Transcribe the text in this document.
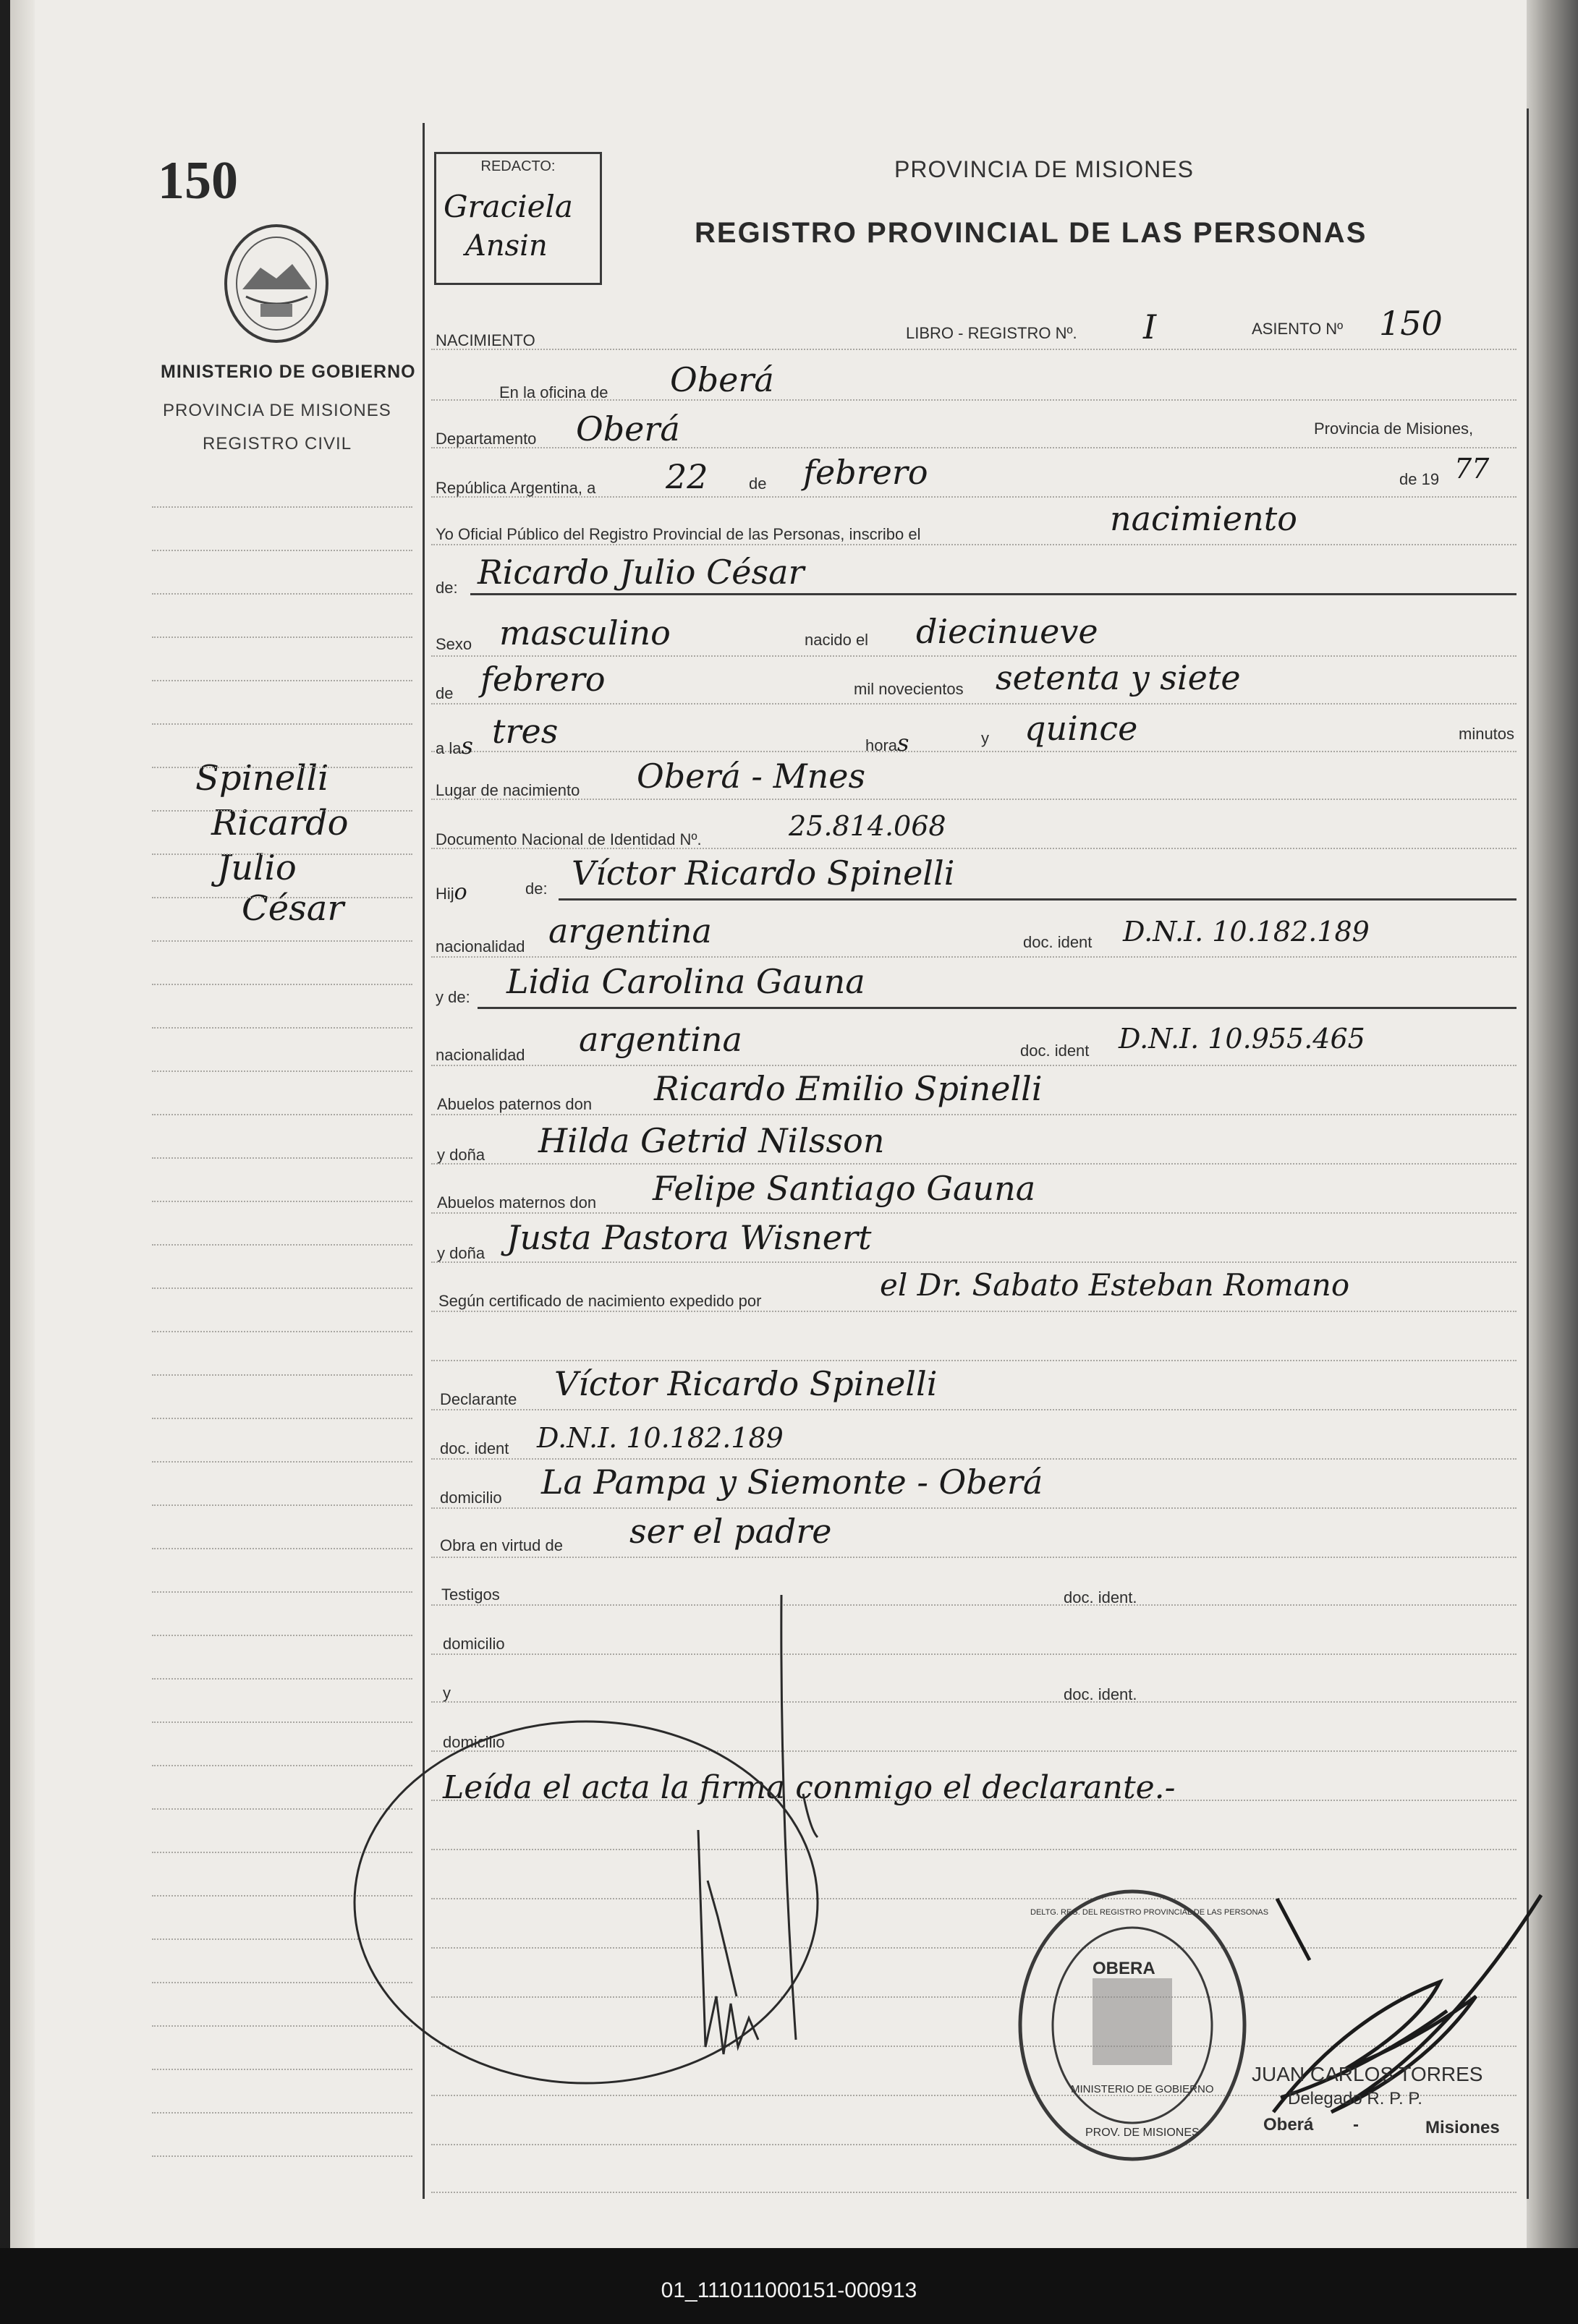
150
MINISTERIO DE GOBIERNO
PROVINCIA DE MISIONES
REGISTRO CIVIL
Spinelli
Ricardo
Julio
César
REDACTO:
Graciela
Ansin
PROVINCIA DE MISIONES
REGISTRO PROVINCIAL DE LAS PERSONAS
NACIMIENTO	LIBRO - REGISTRO Nº. I	ASIENTO Nº 150
En la oficina de Oberá
Departamento Oberá	Provincia de Misiones,
República Argentina, a 22	de febrero	de 19 77
Yo Oficial Público del Registro Provincial de las Personas, inscribo el	nacimiento
de: Ricardo Julio César
Sexo masculino	nacido el diecinueve
de febrero	mil novecientos setenta y siete
a las tres	horas	y quince	minutos
Lugar de nacimiento Oberá - Mnes
Documento Nacional de Identidad Nº.	25.814.068
Hijo	de: Víctor Ricardo Spinelli
nacionalidad argentina	doc. ident D.N.I. 10.182.189
y de: Lidia Carolina Gauna
nacionalidad argentina	doc. ident D.N.I. 10.955.465
Abuelos paternos don Ricardo Emilio Spinelli
y doña Hilda Getrid Nilsson
Abuelos maternos don Felipe Santiago Gauna
y doña Justa Pastora Wisnert
Según certificado de nacimiento expedido por	el Dr. Sabato Esteban Romano
Declarante Víctor Ricardo Spinelli
doc. ident D.N.I. 10.182.189
domicilio La Pampa y Siemonte - Oberá
Obra en virtud de ser el padre
Testigos	doc. ident.
domicilio
y	doc. ident.
domicilio
Leída el acta la firma conmigo el declarante.-
OBERA
MINISTERIO DE GOBIERNO
PROV. DE MISIONES
DELTG. REG. DEL REGISTRO PROVINCIAL DE LAS PERSONAS
JUAN CARLOS TORRES
Delegado R. P. P.
Oberá -	Misiones
01_111011000151-000913
